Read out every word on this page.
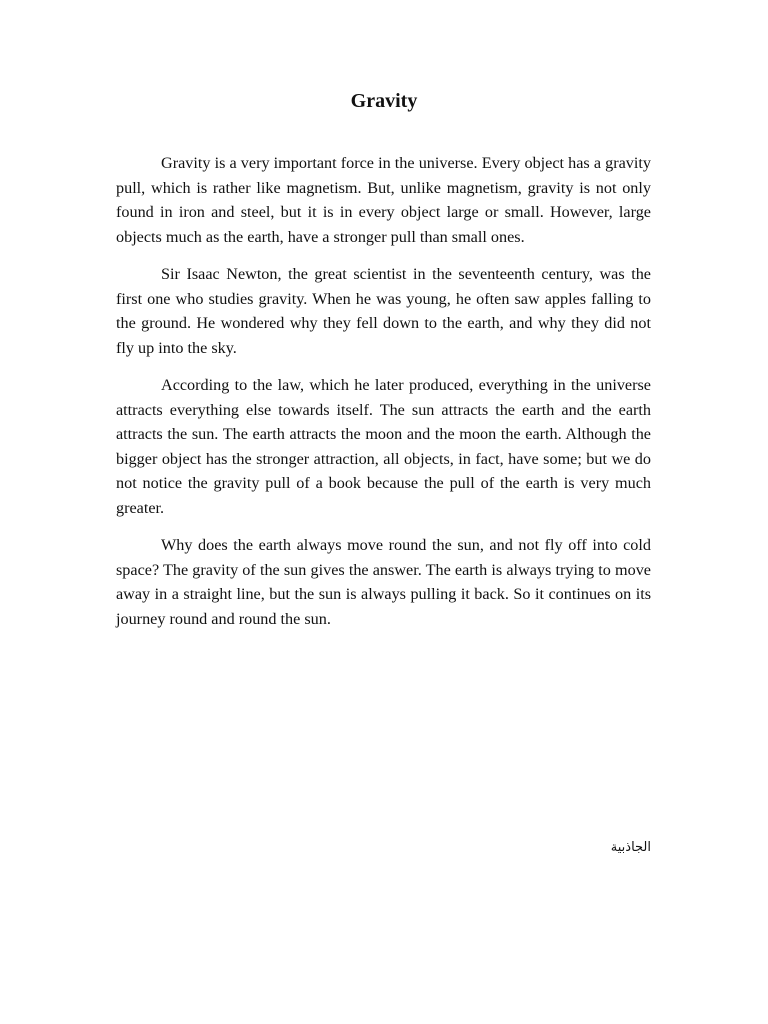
Gravity

Gravity is a very important force in the universe. Every object has a gravity pull, which is rather like magnetism. But, unlike magnetism, gravity is not only found in iron and steel, but it is in every object large or small. However, large objects much as the earth, have a stronger pull than small ones.

Sir Isaac Newton, the great scientist in the seventeenth century, was the first one who studies gravity. When he was young, he often saw apples falling to the ground. He wondered why they fell down to the earth, and why they did not fly up into the sky.

According to the law, which he later produced, everything in the universe attracts everything else towards itself. The sun attracts the earth and the earth attracts the sun. The earth attracts the moon and the moon the earth. Although the bigger object has the stronger attraction, all objects, in fact, have some; but we do not notice the gravity pull of a book because the pull of the earth is very much greater.

Why does the earth always move round the sun, and not fly off into cold space? The gravity of the sun gives the answer. The earth is always trying to move away in a straight line, but the sun is always pulling it back. So it continues on its journey round and round the sun.

الجاذبية
